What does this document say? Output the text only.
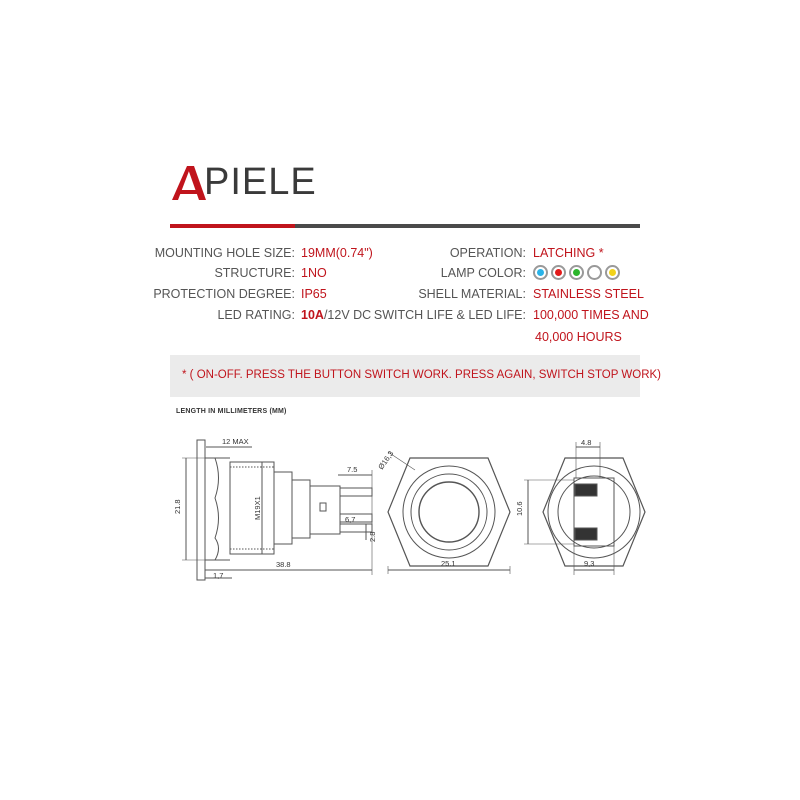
PIELE
MOUNTING HOLE SIZE: 19MM(0.74")
STRUCTURE: 1NO
PROTECTION DEGREE: IP65
LED RATING: 10A/12V DC
OPERATION: LATCHING *
LAMP COLOR:
SHELL MATERIAL: STAINLESS STEEL
SWITCH LIFE & LED LIFE: 100,000 TIMES AND
40,000 HOURS
* ( ON-OFF. PRESS THE BUTTON SWITCH WORK. PRESS AGAIN, SWITCH STOP WORK)
LENGTH IN MILLIMETERS (MM)
12 MAX
21.8	M19X1
1,7
38.8
7.5
6,7
2.8
Ø16,3
25.1
4.8
10.6
9,3
